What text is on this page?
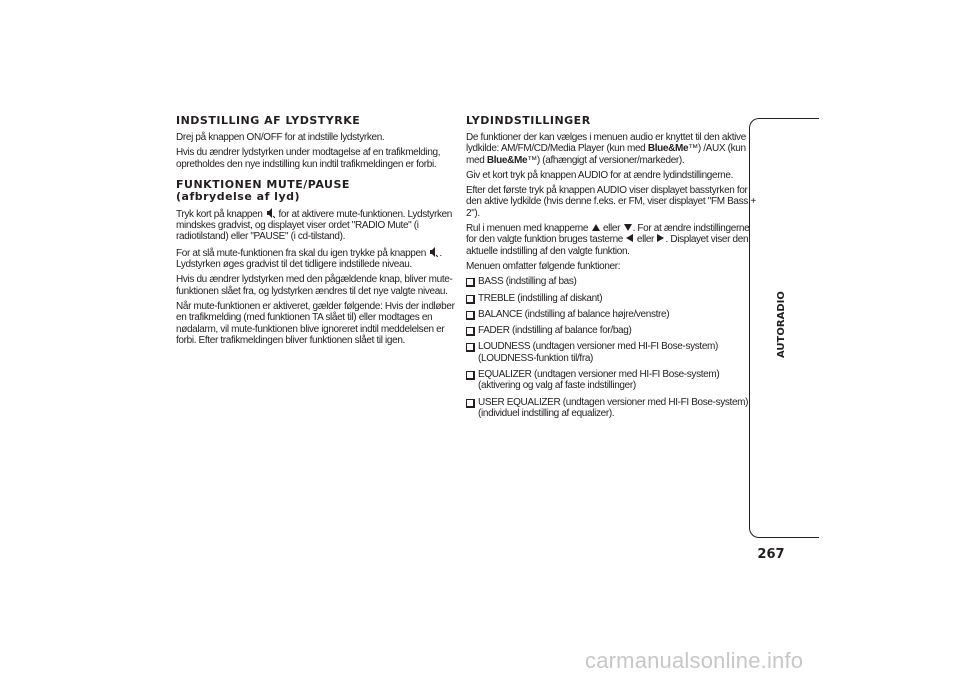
INDSTILLING AF LYDSTYRKE

Drej på knappen ON/OFF for at indstille lydstyrken.

Hvis du ændrer lydstyrken under modtagelse af en trafikmelding, opretholdes den nye indstilling kun indtil trafikmeldingen er forbi.

FUNKTIONEN MUTE/PAUSE
(afbrydelse af lyd)

Tryk kort på knappen for at aktivere mute-funktionen. Lydstyrken mindskes gradvist, og displayet viser ordet "RADIO Mute" (i radiotilstand) eller "PAUSE" (i cd-tilstand).

For at slå mute-funktionen fra skal du igen trykke på knappen . Lydstyrken øges gradvist til det tidligere indstillede niveau.

Hvis du ændrer lydstyrken med den pågældende knap, bliver mute-funktionen slået fra, og lydstyrken ændres til det nye valgte niveau.

Når mute-funktionen er aktiveret, gælder følgende: Hvis der indløber en trafikmelding (med funktionen TA slået til) eller modtages en nødalarm, vil mute-funktionen blive ignoreret indtil meddelelsen er forbi. Efter trafikmeldingen bliver funktionen slået til igen.

LYDINDSTILLINGER

De funktioner der kan vælges i menuen audio er knyttet til den aktive lydkilde: AM/FM/CD/Media Player (kun med Blue&Me™) /AUX (kun med Blue&Me™) (afhængigt af versioner/markeder).

Giv et kort tryk på knappen AUDIO for at ændre lydindstillingerne.

Efter det første tryk på knappen AUDIO viser displayet basstyrken for den aktive lydkilde (hvis denne f.eks. er FM, viser displayet "FM Bass + 2").

Rul i menuen med knapperne eller . For at ændre indstillingerne for den valgte funktion bruges tasterne eller . Displayet viser den aktuelle indstilling af den valgte funktion.

Menuen omfatter følgende funktioner:

BASS (indstilling af bas)
TREBLE (indstilling af diskant)
BALANCE (indstilling af balance højre/venstre)
FADER (indstilling af balance for/bag)
LOUDNESS (undtagen versioner med HI-FI Bose-system) (LOUDNESS-funktion til/fra)
EQUALIZER (undtagen versioner med HI-FI Bose-system) (aktivering og valg af faste indstillinger)
USER EQUALIZER (undtagen versioner med HI-FI Bose-system) (individuel indstilling af equalizer).
AUTORADIO
267
carmanualsonline.info
